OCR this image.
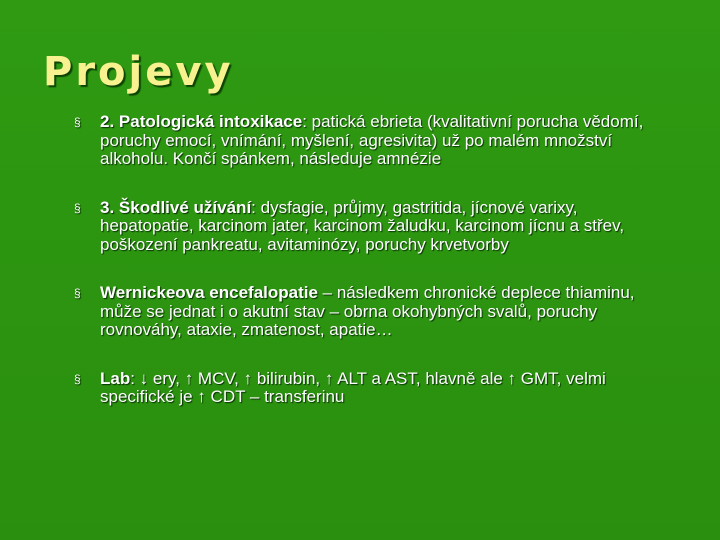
Projevy
§ 2. Patologická intoxikace: patická ebrieta (kvalitativní porucha vědomí, poruchy emocí, vnímání, myšlení, agresivita) už po malém množství alkoholu. Končí spánkem, následuje amnézie
§ 3. Škodlivé užívání: dysfagie, průjmy, gastritida, jícnové varixy, hepatopatie, karcinom jater, karcinom žaludku, karcinom jícnu a střev, poškození pankreatu, avitaminózy, poruchy krvetvorby
§ Wernickeova encefalopatie – následkem chronické deplece thiaminu, může se jednat i o akutní stav – obrna okohybných svalů, poruchy rovnováhy, ataxie, zmatenost, apatie…
§ Lab: ↓ ery, ↑ MCV, ↑ bilirubin, ↑ ALT a AST, hlavně ale ↑ GMT, velmi specifické je ↑ CDT – transferinu
